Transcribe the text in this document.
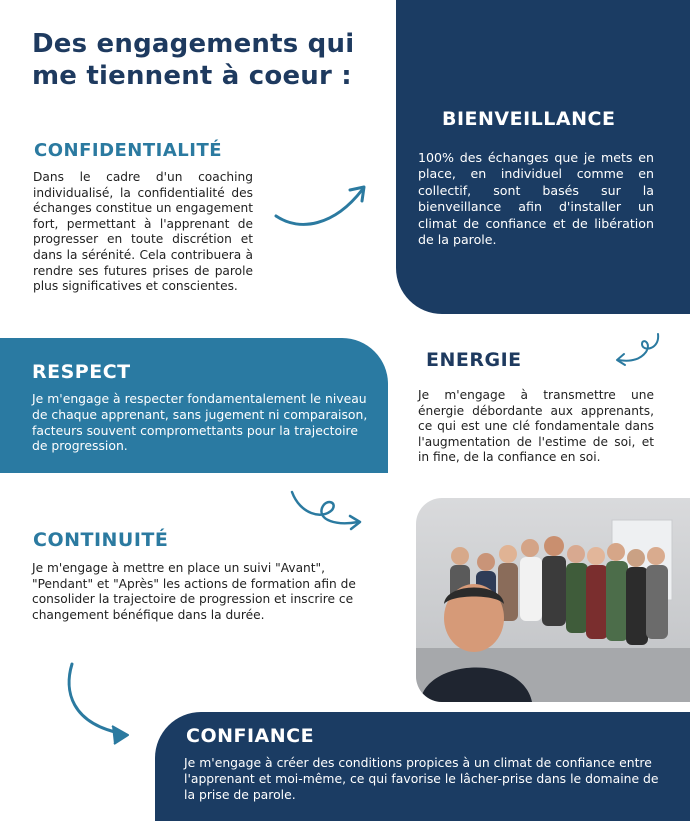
Des engagements qui
me tiennent à coeur :
BIENVEILLANCE
100% des échanges que je mets en place, en individuel comme en collectif, sont basés sur la bienveillance afin d'installer un climat de confiance et de libération de la parole.
CONFIDENTIALITÉ
Dans le cadre d'un coaching individualisé, la confidentialité des échanges constitue un engagement fort, permettant à l'apprenant de progresser en toute discrétion et dans la sérénité. Cela contribuera à rendre ses futures prises de parole plus significatives et conscientes.
RESPECT
Je m'engage à respecter fondamentalement le niveau de chaque apprenant, sans jugement ni comparaison, facteurs souvent compromettants pour la trajectoire de progression.
ENERGIE
Je m'engage à transmettre une énergie débordante aux apprenants, ce qui est une clé fondamentale dans l'augmentation de l'estime de soi, et in fine, de la confiance en soi.
CONTINUITÉ
Je m'engage à mettre en place un suivi "Avant", "Pendant" et "Après" les actions de formation afin de consolider la trajectoire de progression et inscrire ce changement bénéfique dans la durée.
CONFIANCE
Je m'engage à créer des conditions propices à un climat de confiance entre l'apprenant et moi-même, ce qui favorise le lâcher-prise dans le domaine de la prise de parole.
